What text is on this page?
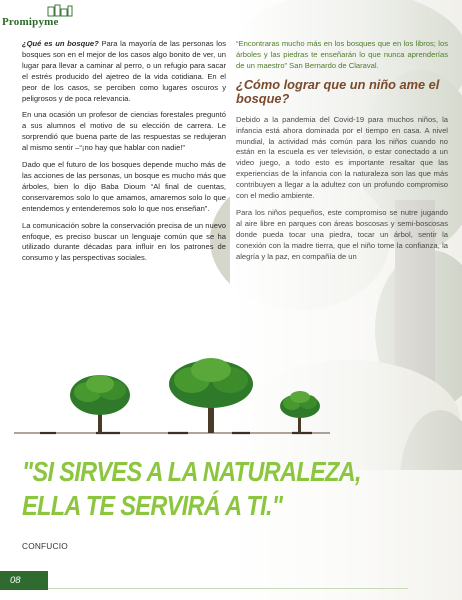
Promipyme

¿Qué es un bosque? Para la mayoría de las personas los bosques son en el mejor de los casos algo bonito de ver, un lugar para llevar a caminar al perro, o un refugio para sacar el estrés producido del ajetreo de la vida cotidiana. En el peor de los casos, se perciben como lugares oscuros y peligrosos y de poca relevancia.

En una ocasión un profesor de ciencias forestales preguntó a sus alumnos el motivo de su elección de carrera. Le sorprendió que buena parte de las respuestas se redujeran al mismo sentir –“¡no hay que hablar con nadie!”

Dado que el futuro de los bosques depende mucho más de las acciones de las personas, un bosque es mucho más que árboles, bien lo dijo Baba Dioum “Al final de cuentas, conservaremos solo lo que amamos, amaremos solo lo que entendemos y entenderemos solo lo que nos enseñan”.

La comunicación sobre la conservación precisa de un nuevo enfoque, es preciso buscar un lenguaje común que se ha utilizado durante décadas para influir en los patrones de consumo y las perspectivas sociales.

“Encontraras mucho más en los bosques que en los libros; los árboles y las piedras te enseñarán lo que nunca aprenderías de un maestro” San Bernardo de Claraval.

¿Cómo lograr que un niño ame el bosque?

Debido a la pandemia del Covid-19 para muchos niños, la infancia está ahora dominada por el tiempo en casa. A nivel mundial, la actividad más común para los niños cuando no están en la escuela es ver televisión, o estar conectado a un video juego, a todo esto es importante resaltar que las experiencias de la infancia con la naturaleza son las que más contribuyen a llegar a la adultez con un profundo compromiso con el medio ambiente.

Para los niños pequeños, este compromiso se nutre jugando al aire libre en parques con áreas boscosas y semi-boscosas donde pueda tocar una piedra, tocar un árbol, sentir la conexión con la madre tierra, que el niño tome la confianza, la alegría y la paz, en compañía de un

"SI SIRVES A LA NATURALEZA,
ELLA TE SERVIRÁ A TI."
CONFUCIO
08
